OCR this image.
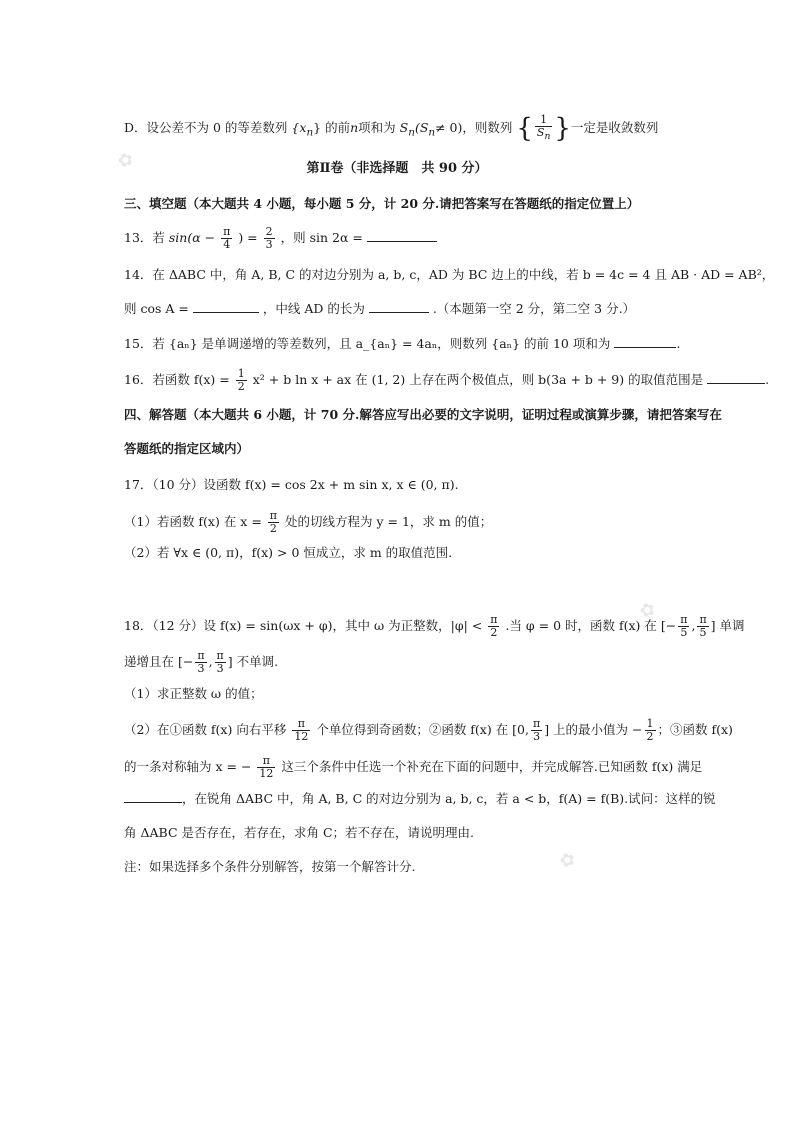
D．设公差不为 0 的等差数列 $\{x_n\}$ 的前n项和为 $S_n(S_n\ne 0)$，则数列 { $\frac{1}{S_n}$ }一定是收敛数列
第Ⅱ卷（非选择题　共 90 分）
三、填空题（本大题共 4 小题，每小题 5 分，计 20 分.请把答案写在答题纸的指定位置上）
13．若 $\sin(\alpha - \frac{\pi}{4}$ ) = $\frac{2}{3}$ ，则 sin 2α =
14．在 ΔABC 中，角 A, B, C 的对边分别为 a, b, c，AD 为 BC 边上的中线，若 b = 4c = 4 且 AB · AD = AB²，
则 cos A =	，中线 AD 的长为	.（本题第一空 2 分，第二空 3 分.）
15．若 {aₙ} 是单调递增的等差数列，且 a_{aₙ} = 4aₙ，则数列 {aₙ} 的前 10 项和为	.
16．若函数 $f(x) = \frac{1}{2} x^2 + b$ ln x + ax 在 (1, 2) 上存在两个极值点，则 b(3a + b + 9) 的取值范围是	.
四、解答题（本大题共 6 小题，计 70 分.解答应写出必要的文字说明，证明过程或演算步骤，请把答案写在
答题纸的指定区域内）
17．（10 分）设函数 f(x) = cos 2x + m sin x, x ∈ (0, π).
（1）若函数 f(x) 在 $x = \frac{\pi}{2}$ 处的切线方程为 y = 1，求 m 的值；
（2）若 ∀x ∈ (0, π)，f(x) > 0 恒成立，求 m 的取值范围.
18．（12 分）设 f(x) = sin(ωx + φ)，其中 ω 为正整数，$|\varphi| < \frac{\pi}{2}$ .当 φ = 0 时，函数 f(x) 在 [− $\frac{\pi}{5}$ , $\frac{\pi}{5}$ ] 单调
递增且在 [− $\frac{\pi}{3}$ , $\frac{\pi}{3}$ ] 不单调.
（1）求正整数 ω 的值；
（2）在①函数 f(x) 向右平移 $\frac{\pi}{12}$ 个单位得到奇函数；②函数 f(x) 在 [0, $\frac{\pi}{3}$ ] 上的最小值为 − $\frac{1}{2}$ ；③函数 f(x)
的一条对称轴为 x = − $\frac{\pi}{12}$ 这三个条件中任选一个补充在下面的问题中，并完成解答.已知函数 f(x) 满足
，在锐角 ΔABC 中，角 A, B, C 的对边分别为 a, b, c，若 a < b，f(A) = f(B).试问：这样的锐
角 ΔABC 是否存在，若存在，求角 C；若不存在，请说明理由.
注：如果选择多个条件分别解答，按第一个解答计分.
✿
✿
✿
